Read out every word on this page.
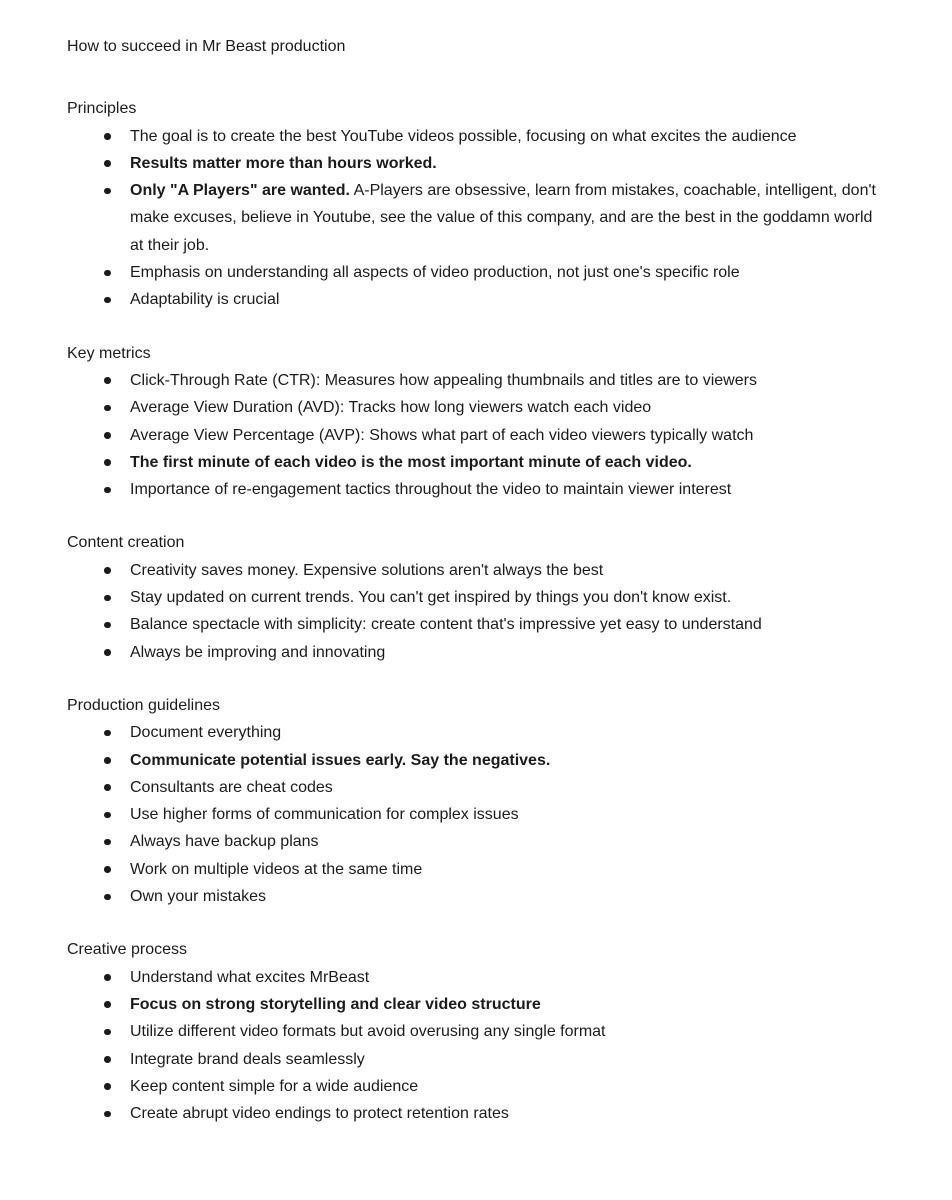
How to succeed in Mr Beast production
Principles
The goal is to create the best YouTube videos possible, focusing on what excites the audience
Results matter more than hours worked.
Only "A Players" are wanted. A-Players are obsessive, learn from mistakes, coachable, intelligent, don't make excuses, believe in Youtube, see the value of this company, and are the best in the goddamn world at their job.
Emphasis on understanding all aspects of video production, not just one's specific role
Adaptability is crucial
Key metrics
Click-Through Rate (CTR): Measures how appealing thumbnails and titles are to viewers
Average View Duration (AVD): Tracks how long viewers watch each video
Average View Percentage (AVP): Shows what part of each video viewers typically watch
The first minute of each video is the most important minute of each video.
Importance of re-engagement tactics throughout the video to maintain viewer interest
Content creation
Creativity saves money. Expensive solutions aren't always the best
Stay updated on current trends. You can't get inspired by things you don't know exist.
Balance spectacle with simplicity: create content that's impressive yet easy to understand
Always be improving and innovating
Production guidelines
Document everything
Communicate potential issues early. Say the negatives.
Consultants are cheat codes
Use higher forms of communication for complex issues
Always have backup plans
Work on multiple videos at the same time
Own your mistakes
Creative process
Understand what excites MrBeast
Focus on strong storytelling and clear video structure
Utilize different video formats but avoid overusing any single format
Integrate brand deals seamlessly
Keep content simple for a wide audience
Create abrupt video endings to protect retention rates
